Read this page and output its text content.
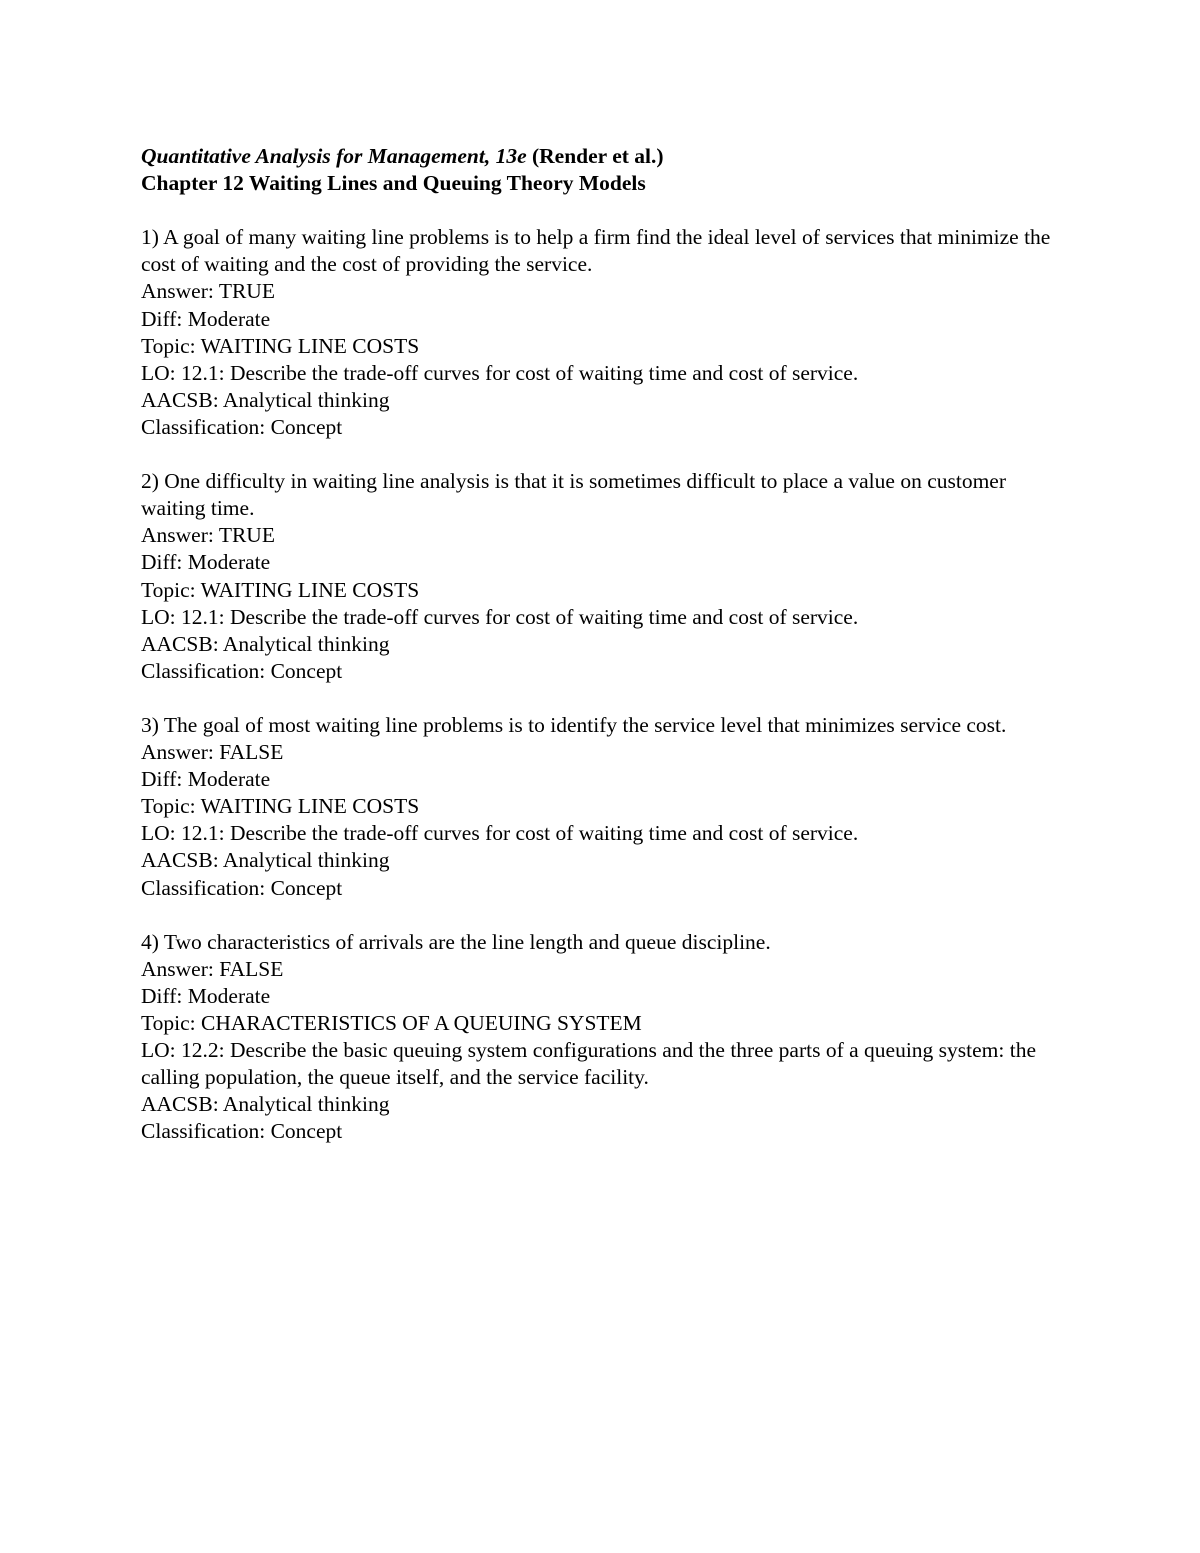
Quantitative Analysis for Management, 13e (Render et al.)

Chapter 12 Waiting Lines and Queuing Theory Models

1) A goal of many waiting line problems is to help a firm find the ideal level of services that minimize the cost of waiting and the cost of providing the service.

Answer: TRUE

Diff: Moderate

Topic: WAITING LINE COSTS

LO: 12.1: Describe the trade-off curves for cost of waiting time and cost of service.

AACSB: Analytical thinking

Classification: Concept

2) One difficulty in waiting line analysis is that it is sometimes difficult to place a value on customer waiting time.

Answer: TRUE

Diff: Moderate

Topic: WAITING LINE COSTS

LO: 12.1: Describe the trade-off curves for cost of waiting time and cost of service.

AACSB: Analytical thinking

Classification: Concept

3) The goal of most waiting line problems is to identify the service level that minimizes service cost.

Answer: FALSE

Diff: Moderate

Topic: WAITING LINE COSTS

LO: 12.1: Describe the trade-off curves for cost of waiting time and cost of service.

AACSB: Analytical thinking

Classification: Concept

4) Two characteristics of arrivals are the line length and queue discipline.

Answer: FALSE

Diff: Moderate

Topic: CHARACTERISTICS OF A QUEUING SYSTEM

LO: 12.2: Describe the basic queuing system configurations and the three parts of a queuing system: the calling population, the queue itself, and the service facility.

AACSB: Analytical thinking

Classification: Concept
